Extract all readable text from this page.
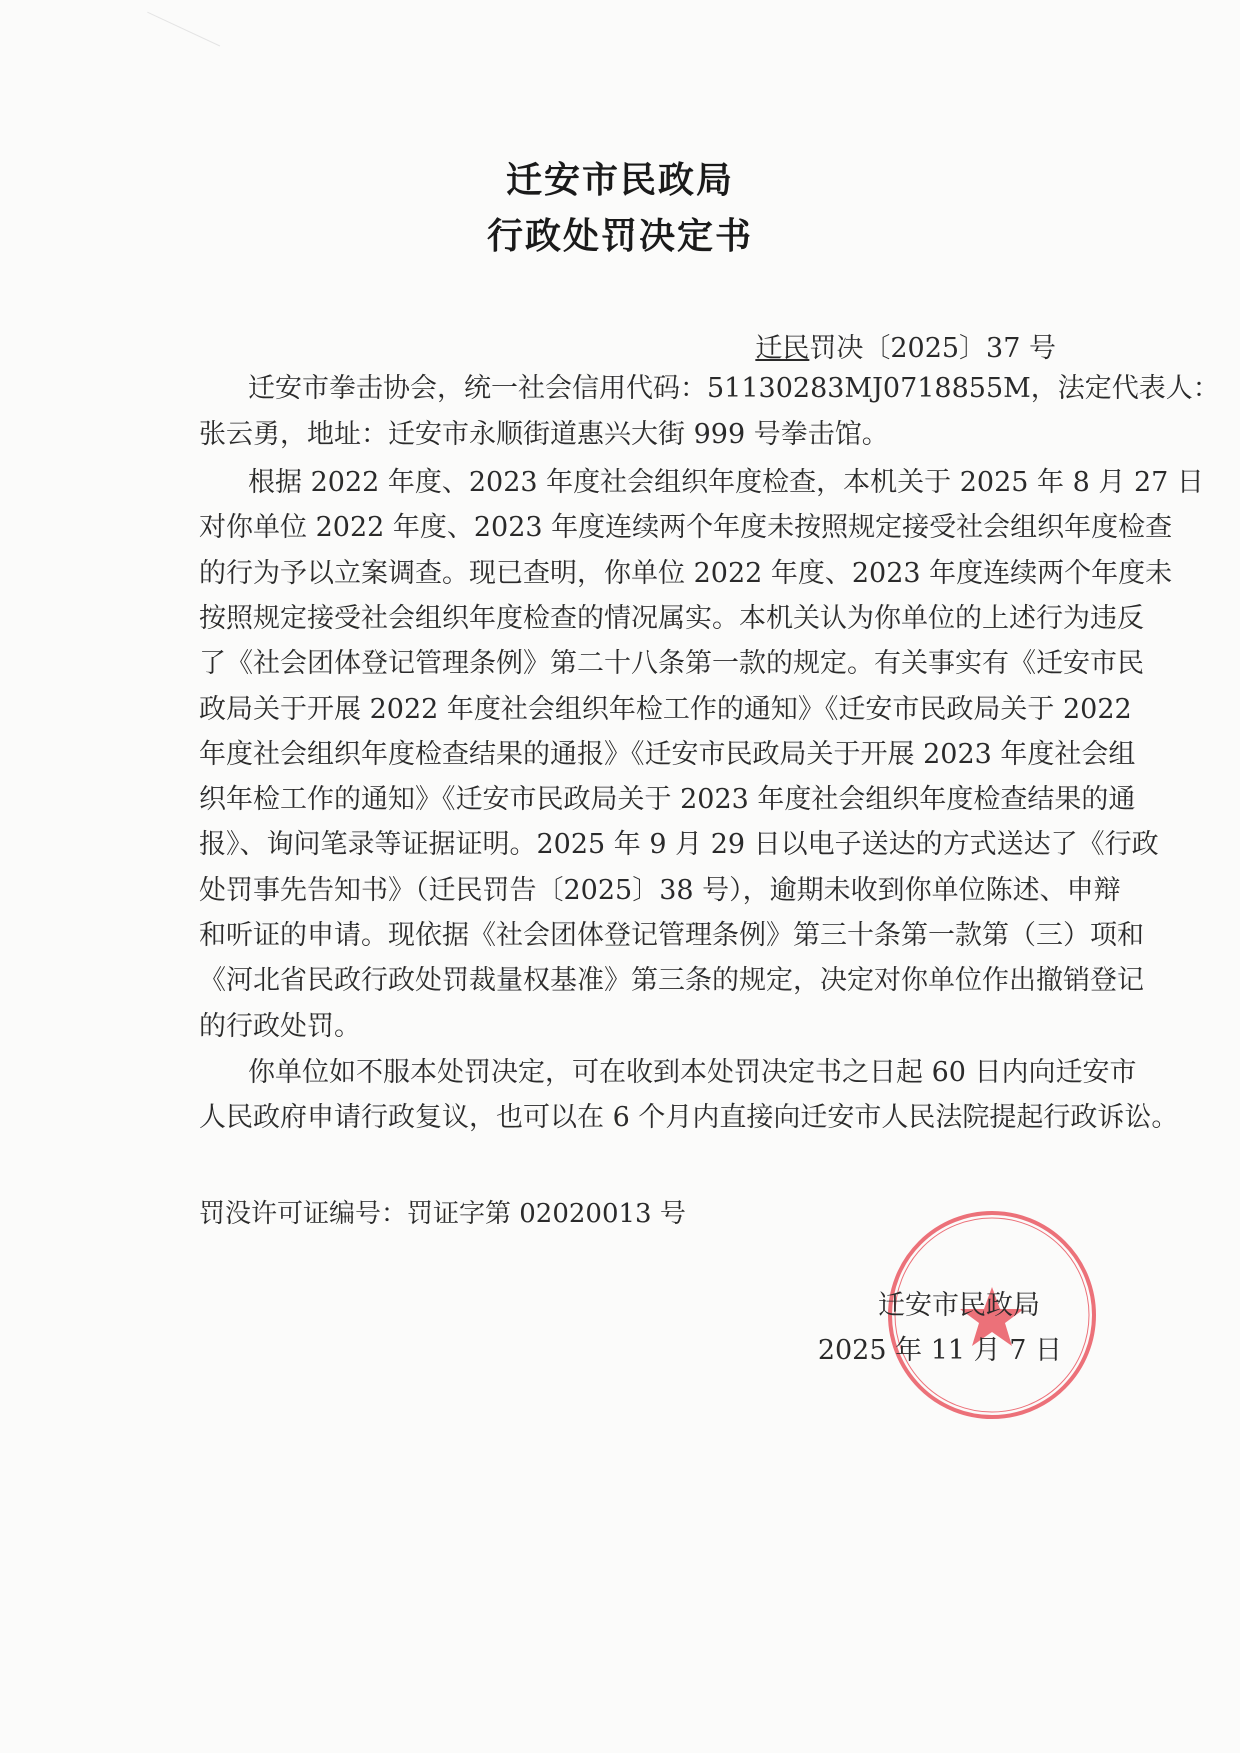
迁安市民政局
行政处罚决定书
迁民罚决〔2025〕37 号
迁安市拳击协会，统一社会信用代码：51130283MJ0718855M，法定代表人：
张云勇，地址：迁安市永顺街道惠兴大街 999 号拳击馆。
根据 2022 年度、2023 年度社会组织年度检查，本机关于 2025 年 8 月 27 日
对你单位 2022 年度、2023 年度连续两个年度未按照规定接受社会组织年度检查
的行为予以立案调查。现已查明，你单位 2022 年度、2023 年度连续两个年度未
按照规定接受社会组织年度检查的情况属实。本机关认为你单位的上述行为违反
了《社会团体登记管理条例》第二十八条第一款的规定。有关事实有《迁安市民
政局关于开展 2022 年度社会组织年检工作的通知》《迁安市民政局关于 2022
年度社会组织年度检查结果的通报》《迁安市民政局关于开展 2023 年度社会组
织年检工作的通知》《迁安市民政局关于 2023 年度社会组织年度检查结果的通
报》、询问笔录等证据证明。2025 年 9 月 29 日以电子送达的方式送达了《行政
处罚事先告知书》（迁民罚告〔2025〕38 号），逾期未收到你单位陈述、申辩
和听证的申请。现依据《社会团体登记管理条例》第三十条第一款第（三）项和
《河北省民政行政处罚裁量权基准》第三条的规定，决定对你单位作出撤销登记
的行政处罚。
你单位如不服本处罚决定，可在收到本处罚决定书之日起 60 日内向迁安市
人民政府申请行政复议，也可以在 6 个月内直接向迁安市人民法院提起行政诉讼。
罚没许可证编号：罚证字第 02020013 号
迁安市民政局
2025 年 11 月 7 日
